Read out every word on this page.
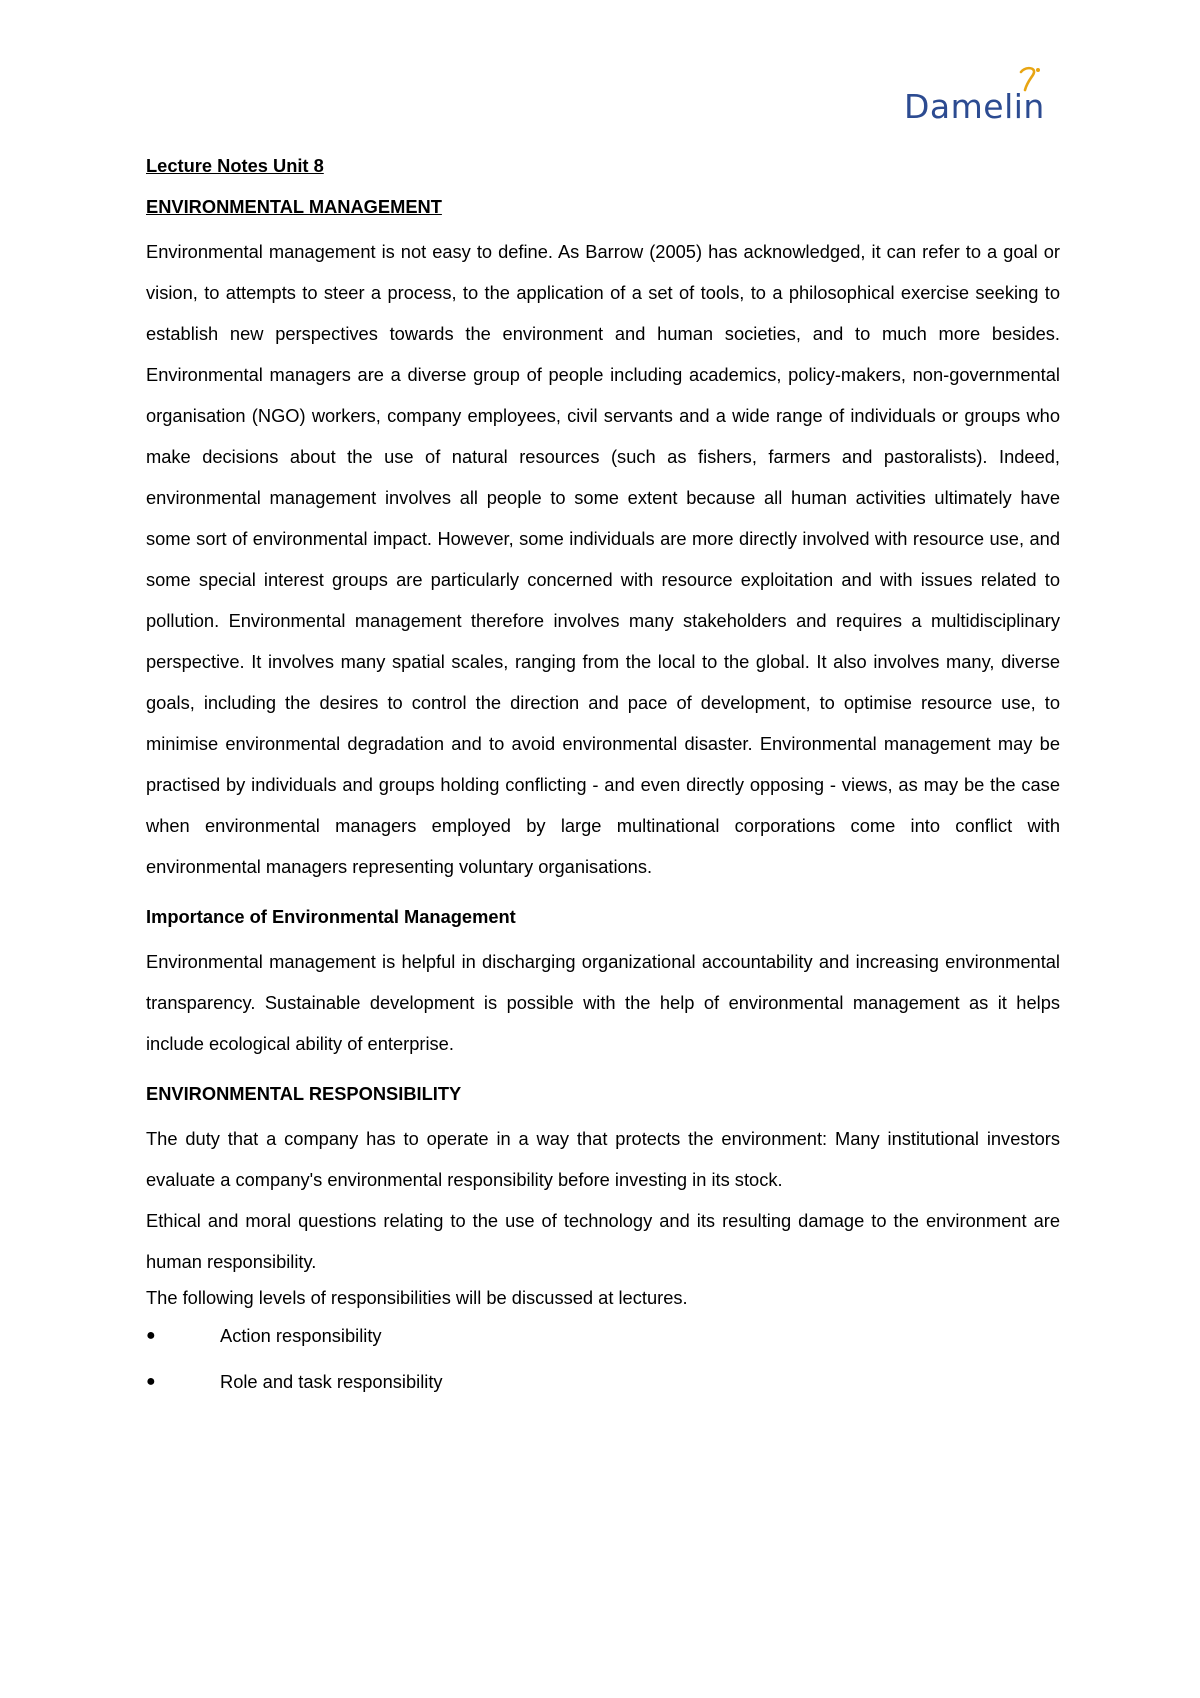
Damelin
Lecture Notes Unit 8
ENVIRONMENTAL MANAGEMENT

Environmental management is not easy to define. As Barrow (2005) has acknowledged, it can refer to a goal or vision, to attempts to steer a process, to the application of a set of tools, to a philosophical exercise seeking to establish new perspectives towards the environment and human societies, and to much more besides. Environmental managers are a diverse group of people including academics, policy-makers, non-governmental organisation (NGO) workers, company employees, civil servants and a wide range of individuals or groups who make decisions about the use of natural resources (such as fishers, farmers and pastoralists). Indeed, environmental management involves all people to some extent because all human activities ultimately have some sort of environmental impact. However, some individuals are more directly involved with resource use, and some special interest groups are particularly concerned with resource exploitation and with issues related to pollution. Environmental management therefore involves many stakeholders and requires a multidisciplinary perspective. It involves many spatial scales, ranging from the local to the global. It also involves many, diverse goals, including the desires to control the direction and pace of development, to optimise resource use, to minimise environmental degradation and to avoid environmental disaster. Environmental management may be practised by individuals and groups holding conflicting - and even directly opposing - views, as may be the case when environmental managers employed by large multinational corporations come into conflict with environmental managers representing voluntary organisations.

Importance of Environmental Management

Environmental management is helpful in discharging organizational accountability and increasing environmental transparency. Sustainable development is possible with the help of environmental management as it helps include ecological ability of enterprise.

ENVIRONMENTAL RESPONSIBILITY

The duty that a company has to operate in a way that protects the environment: Many institutional investors evaluate a company's environmental responsibility before investing in its stock.

Ethical and moral questions relating to the use of technology and its resulting damage to the environment are human responsibility.

The following levels of responsibilities will be discussed at lectures.

●	Action responsibility
●	Role and task responsibility
